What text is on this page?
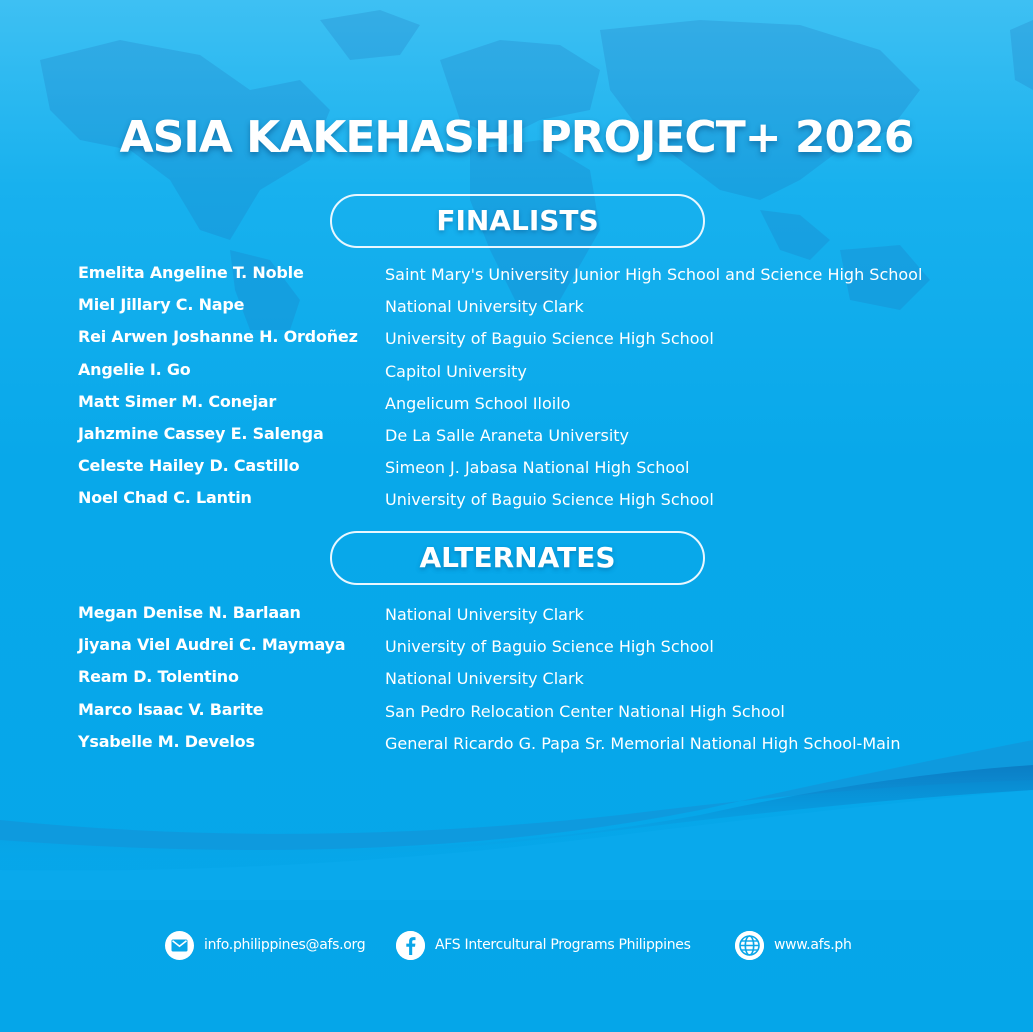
ASIA KAKEHASHI PROJECT+ 2026
FINALISTS
Emelita Angeline T. Noble	Saint Mary's University Junior High School and Science High School
Miel Jillary C. Nape	National University Clark
Rei Arwen Joshanne H. Ordoñez	University of Baguio Science High School
Angelie I. Go	Capitol University
Matt Simer M. Conejar	Angelicum School Iloilo
Jahzmine Cassey E. Salenga	De La Salle Araneta University
Celeste Hailey D. Castillo	Simeon J. Jabasa National High School
Noel Chad C. Lantin	University of Baguio Science High School
ALTERNATES
Megan Denise N. Barlaan	National University Clark
Jiyana Viel Audrei C. Maymaya	University of Baguio Science High School
Ream D. Tolentino	National University Clark
Marco Isaac V. Barite	San Pedro Relocation Center National High School
Ysabelle M. Develos	General Ricardo G. Papa Sr. Memorial National High School-Main
info.philippines@afs.org	AFS Intercultural Programs Philippines	www.afs.ph
